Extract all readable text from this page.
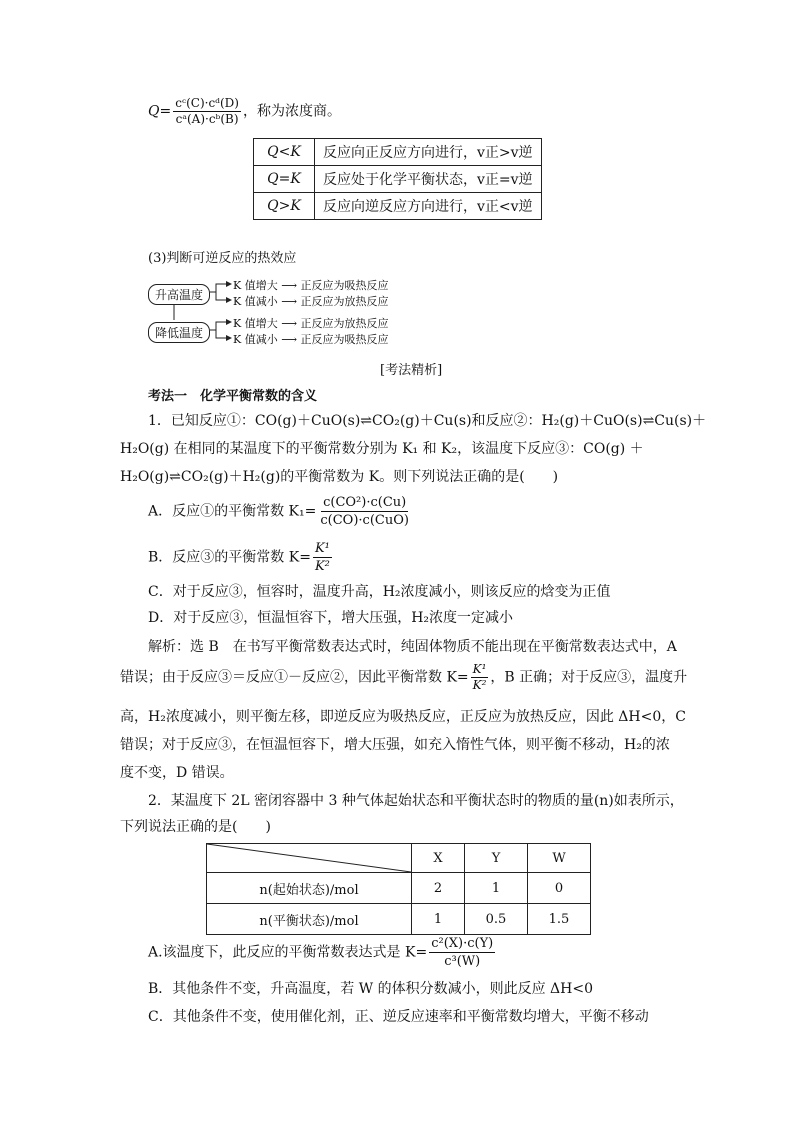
$Q= \frac{\text{cᶜ(C)·cᵈ(D)}}{\text{cᵃ(A)·cᵇ(B)}}$ ，称为浓度商。
Q<K	反应向正反应方向进行，v正>v逆
Q=K	反应处于化学平衡状态，v正=v逆
Q>K	反应向逆反应方向进行，v正<v逆
(3)判断可逆反应的热效应
升高温度
降低温度
K 值增大 ⟶ 正反应为吸热反应
K 值减小 ⟶ 正反应为放热反应
K 值增大 ⟶ 正反应为放热反应
K 值减小 ⟶ 正反应为吸热反应
[考法精析]
考法一　化学平衡常数的含义
1．已知反应①：CO(g)＋CuO(s)⇌CO₂(g)＋Cu(s)和反应②：H₂(g)＋CuO(s)⇌Cu(s)＋
H₂O(g) 在相同的某温度下的平衡常数分别为 K₁ 和 K₂，该温度下反应③：CO(g) ＋
H₂O(g)⇌CO₂(g)＋H₂(g)的平衡常数为 K。则下列说法正确的是(　　)
A．反应①的平衡常数 $K_1= \frac{\text{c(CO²)·c(Cu)}}{\text{c(CO)·c(CuO)}}$
B．反应③的平衡常数 $K= \frac{\text{K¹}}{\text{K²}}$
C．对于反应③，恒容时，温度升高，H₂浓度减小，则该反应的焓变为正值
D．对于反应③，恒温恒容下，增大压强，H₂浓度一定减小
解析：选 B　在书写平衡常数表达式时，纯固体物质不能出现在平衡常数表达式中，A
错误；由于反应③＝反应①－反应②，因此平衡常数 $K= \frac{\text{K¹}}{\text{K²}}$ ，B 正确；对于反应③，温度升
高，H₂浓度减小，则平衡左移，即逆反应为吸热反应，正反应为放热反应，因此 ΔH<0，C
错误；对于反应③，在恒温恒容下，增大压强，如充入惰性气体，则平衡不移动，H₂的浓
度不变，D 错误。
2．某温度下 2L 密闭容器中 3 种气体起始状态和平衡状态时的物质的量(n)如表所示，
下列说法正确的是(　　)
	X	Y	W
n(起始状态)/mol	2	1	0
n(平衡状态)/mol	1	0.5	1.5
A.该温度下，此反应的平衡常数表达式是 $K= \frac{\text{c²(X)·c(Y)}}{\text{c³(W)}}$
B．其他条件不变，升高温度，若 W 的体积分数减小，则此反应 ΔH<0
C．其他条件不变，使用催化剂，正、逆反应速率和平衡常数均增大，平衡不移动
